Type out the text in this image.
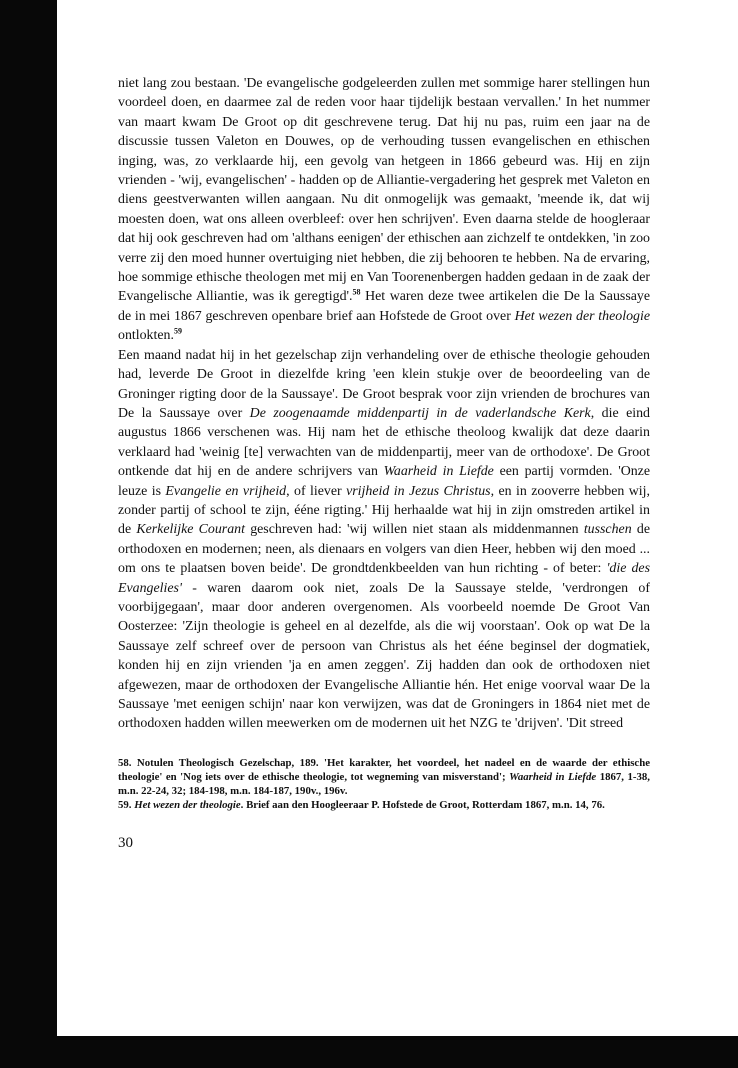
niet lang zou bestaan. 'De evangelische godgeleerden zullen met sommige harer stellingen hun voordeel doen, en daarmee zal de reden voor haar tijdelijk bestaan vervallen.' In het nummer van maart kwam De Groot op dit geschrevene terug. Dat hij nu pas, ruim een jaar na de discussie tussen Valeton en Douwes, op de verhouding tussen evangelischen en ethischen inging, was, zo verklaarde hij, een gevolg van hetgeen in 1866 gebeurd was. Hij en zijn vrienden - 'wij, evangelischen' - hadden op de Alliantie-vergadering het gesprek met Valeton en diens geestverwanten willen aangaan. Nu dit onmogelijk was gemaakt, 'meende ik, dat wij moesten doen, wat ons alleen overbleef: over hen schrijven'. Even daarna stelde de hoogleraar dat hij ook geschreven had om 'althans eenigen' der ethischen aan zichzelf te ontdekken, 'in zoo verre zij den moed hunner overtuiging niet hebben, die zij behooren te hebben. Na de ervaring, hoe sommige ethische theologen met mij en Van Toorenenbergen hadden gedaan in de zaak der Evangelische Alliantie, was ik geregtigd'.$^{58}$ Het waren deze twee artikelen die De la Saussaye de in mei 1867 geschreven openbare brief aan Hofstede de Groot over Het wezen der theologie ontlokten.$^{59}$

Een maand nadat hij in het gezelschap zijn verhandeling over de ethische theologie gehouden had, leverde De Groot in diezelfde kring 'een klein stukje over de beoordeeling van de Groninger rigting door de la Saussaye'. De Groot besprak voor zijn vrienden de brochures van De la Saussaye over De zoogenaamde middenpartij in de vaderlandsche Kerk, die eind augustus 1866 verschenen was. Hij nam het de ethische theoloog kwalijk dat deze daarin verklaard had 'weinig [te] verwachten van de middenpartij, meer van de orthodoxe'. De Groot ontkende dat hij en de andere schrijvers van Waarheid in Liefde een partij vormden. 'Onze leuze is Evangelie en vrijheid, of liever vrijheid in Jezus Christus, en in zooverre hebben wij, zonder partij of school te zijn, ééne rigting.' Hij herhaalde wat hij in zijn omstreden artikel in de Kerkelijke Courant geschreven had: 'wij willen niet staan als middenmannen tusschen de orthodoxen en modernen; neen, als dienaars en volgers van dien Heer, hebben wij den moed ... om ons te plaatsen boven beide'. De grondtdenkbeelden van hun richting - of beter: 'die des Evangelies' - waren daarom ook niet, zoals De la Saussaye stelde, 'verdrongen of voorbijgegaan', maar door anderen overgenomen. Als voorbeeld noemde De Groot Van Oosterzee: 'Zijn theologie is geheel en al dezelfde, als die wij voorstaan'. Ook op wat De la Saussaye zelf schreef over de persoon van Christus als het ééne beginsel der dogmatiek, konden hij en zijn vrienden 'ja en amen zeggen'. Zij hadden dan ook de orthodoxen niet afgewezen, maar de orthodoxen der Evangelische Alliantie hén. Het enige voorval waar De la Saussaye 'met eenigen schijn' naar kon verwijzen, was dat de Groningers in 1864 niet met de orthodoxen hadden willen meewerken om de modernen uit het NZG te 'drijven'. 'Dit streed

58. Notulen Theologisch Gezelschap, 189. 'Het karakter, het voordeel, het nadeel en de waarde der ethische theologie' en 'Nog iets over de ethische theologie, tot wegneming van misverstand'; Waarheid in Liefde 1867, 1-38, m.n. 22-24, 32; 184-198, m.n. 184-187, 190v., 196v.

59. Het wezen der theologie. Brief aan den Hoogleeraar P. Hofstede de Groot, Rotterdam 1867, m.n. 14, 76.

30
